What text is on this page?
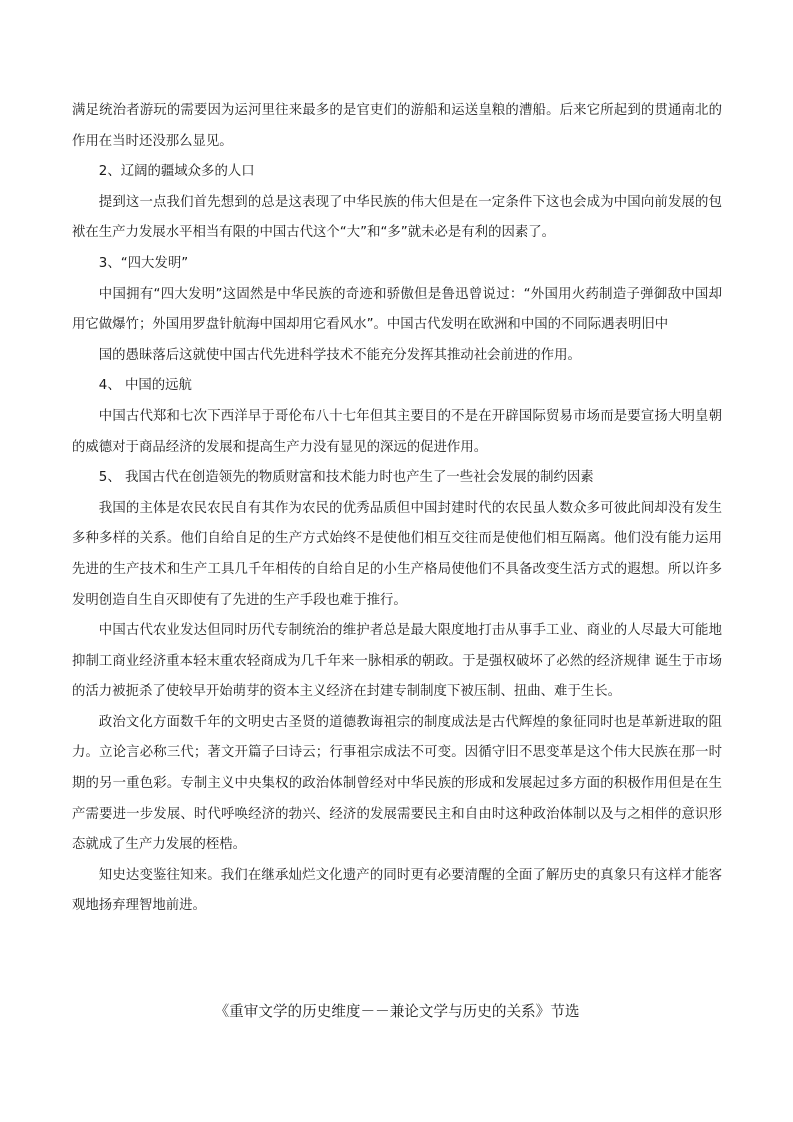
满足统治者游玩的需要因为运河里往来最多的是官吏们的游船和运送皇粮的漕船。后来它所起到的贯通南北的作用在当时还没那么显见。

2、辽阔的疆域众多的人口

提到这一点我们首先想到的总是这表现了中华民族的伟大但是在一定条件下这也会成为中国向前发展的包袱在生产力发展水平相当有限的中国古代这个“大”和“多”就未必是有利的因素了。

3、“四大发明”

中国拥有“四大发明”这固然是中华民族的奇迹和骄傲但是鲁迅曾说过：“外国用火药制造子弹御敌中国却用它做爆竹；外国用罗盘针航海中国却用它看风水”。中国古代发明在欧洲和中国的不同际遇表明旧中

国的愚昧落后这就使中国古代先进科学技术不能充分发挥其推动社会前进的作用。

4、 中国的远航

中国古代郑和七次下西洋早于哥伦布八十七年但其主要目的不是在开辟国际贸易市场而是要宣扬大明皇朝的威德对于商品经济的发展和提高生产力没有显见的深远的促进作用。

5、 我国古代在创造领先的物质财富和技术能力时也产生了一些社会发展的制约因素

我国的主体是农民农民自有其作为农民的优秀品质但中国封建时代的农民虽人数众多可彼此间却没有发生多种多样的关系。他们自给自足的生产方式始终不是使他们相互交往而是使他们相互隔离。他们没有能力运用先进的生产技术和生产工具几千年相传的自给自足的小生产格局使他们不具备改变生活方式的遐想。所以许多发明创造自生自灭即使有了先进的生产手段也难于推行。

中国古代农业发达但同时历代专制统治的维护者总是最大限度地打击从事手工业、商业的人尽最大可能地抑制工商业经济重本轻末重农轻商成为几千年来一脉相承的朝政。于是强权破坏了必然的经济规律 诞生于市场的活力被扼杀了使较早开始萌芽的资本主义经济在封建专制制度下被压制、扭曲、难于生长。

政治文化方面数千年的文明史古圣贤的道德教诲祖宗的制度成法是古代辉煌的象征同时也是革新进取的阻力。立论言必称三代；著文开篇子曰诗云；行事祖宗成法不可变。因循守旧不思变革是这个伟大民族在那一时期的另一重色彩。专制主义中央集权的政治体制曾经对中华民族的形成和发展起过多方面的积极作用但是在生产需要进一步发展、时代呼唤经济的勃兴、经济的发展需要民主和自由时这种政治体制以及与之相伴的意识形态就成了生产力发展的桎梏。

知史达变鉴往知来。我们在继承灿烂文化遗产的同时更有必要清醒的全面了解历史的真象只有这样才能客观地扬弃理智地前进。

《重审文学的历史维度－－兼论文学与历史的关系》节选
